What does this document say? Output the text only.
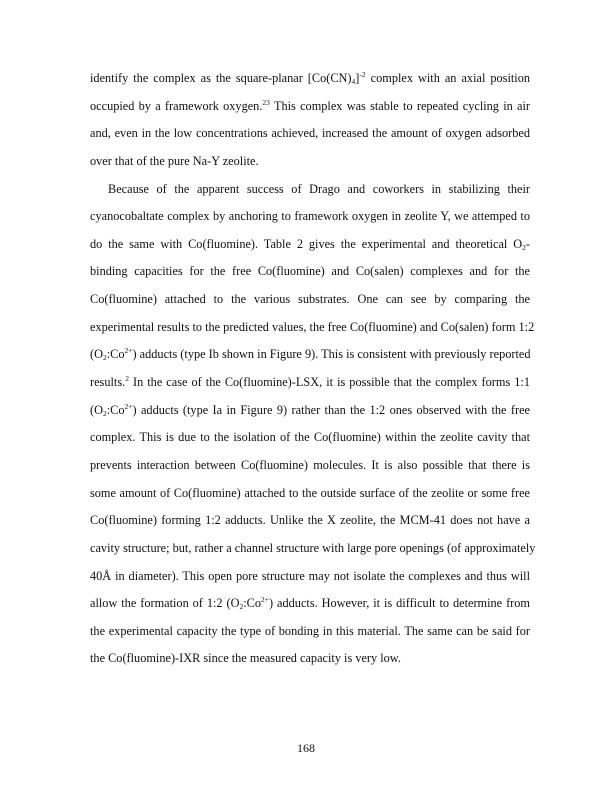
identify the complex as the square-planar $[Co(CN)_4]^{-2}$ complex with an axial position
occupied by a framework oxygen.$^{23}$ This complex was stable to repeated cycling in air
and, even in the low concentrations achieved, increased the amount of oxygen adsorbed
over that of the pure Na-Y zeolite.
Because of the apparent success of Drago and coworkers in stabilizing their
cyanocobaltate complex by anchoring to framework oxygen in zeolite Y, we attemped to
do the same with Co(fluomine). Table 2 gives the experimental and theoretical $O_2-$
binding capacities for the free Co(fluomine) and Co(salen) complexes and for the
Co(fluomine) attached to the various substrates. One can see by comparing the
experimental results to the predicted values, the free Co(fluomine) and Co(salen) form 1:2
$(O_2:Co^{2+})$ adducts (type Ib shown in Figure 9). This is consistent with previously reported
results.$^2$ In the case of the Co(fluomine)-LSX, it is possible that the complex forms 1:1
$(O_2:Co^{2+})$ adducts (type Ia in Figure 9) rather than the 1:2 ones observed with the free
complex. This is due to the isolation of the Co(fluomine) within the zeolite cavity that
prevents interaction between Co(fluomine) molecules. It is also possible that there is
some amount of Co(fluomine) attached to the outside surface of the zeolite or some free
Co(fluomine) forming 1:2 adducts. Unlike the X zeolite, the MCM-41 does not have a
cavity structure; but, rather a channel structure with large pore openings (of approximately
40Å in diameter). This open pore structure may not isolate the complexes and thus will
allow the formation of 1:2 $(O_2:Co^{2+})$ adducts. However, it is difficult to determine from
the experimental capacity the type of bonding in this material. The same can be said for
the Co(fluomine)-IXR since the measured capacity is very low.
168
